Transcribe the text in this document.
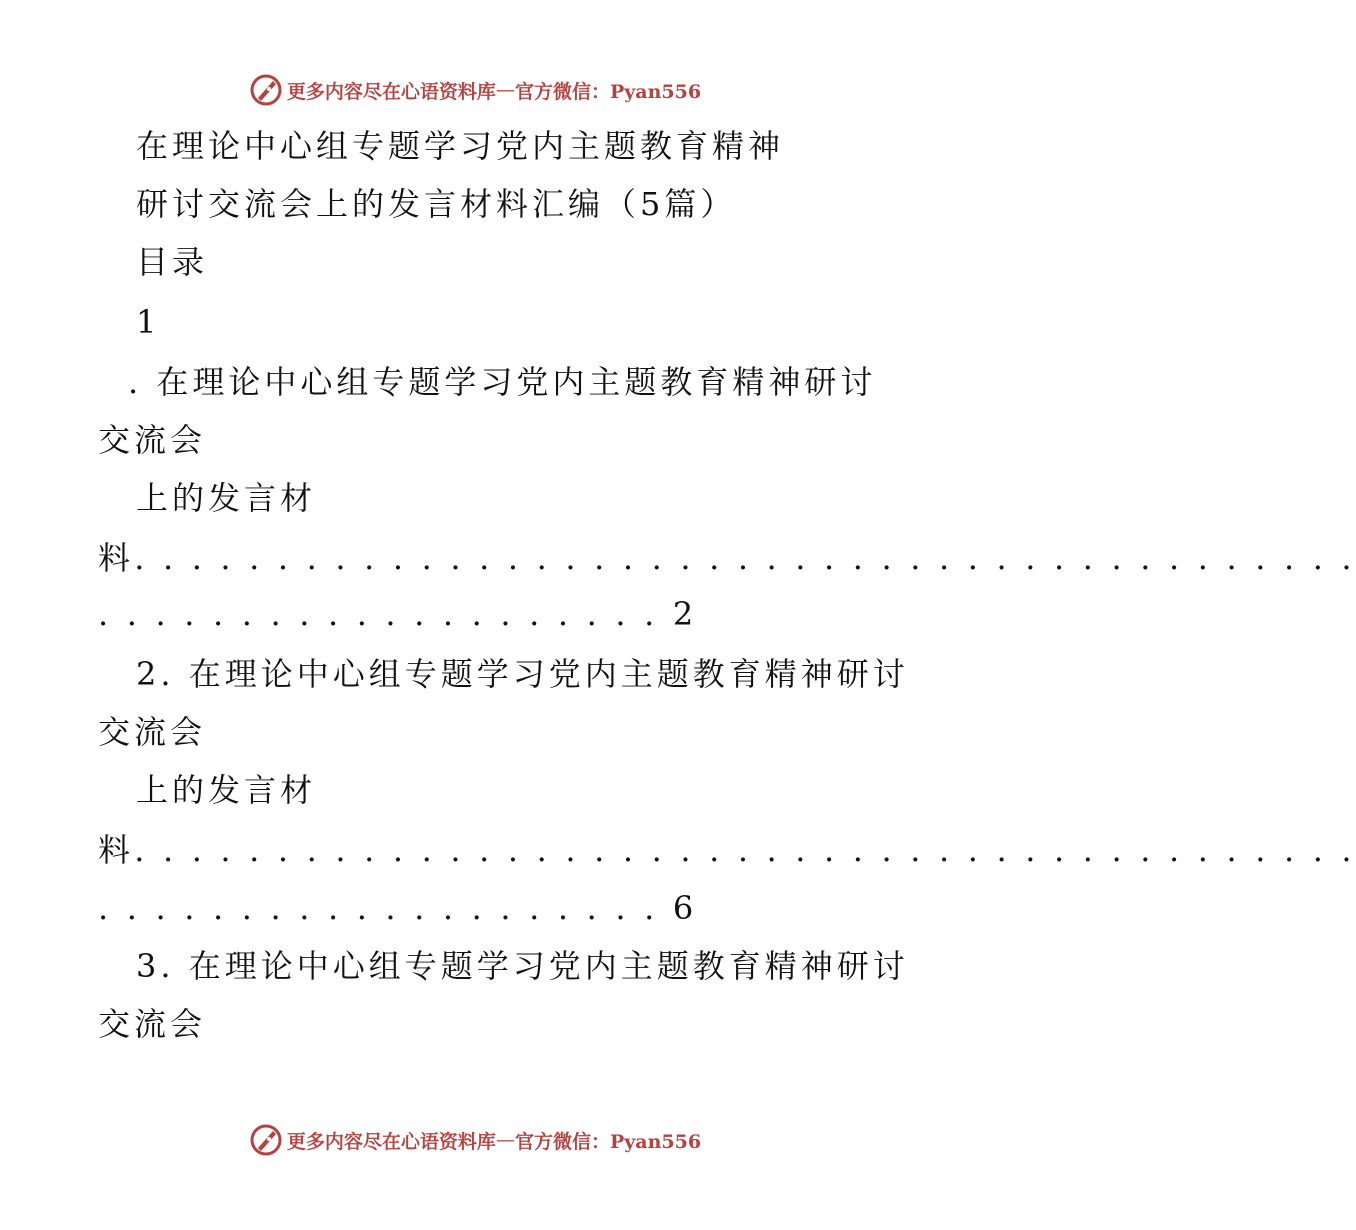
更多内容尽在心语资料库 — 官方微信：Pyan556
在理论中心组专题学习党内主题教育精神
研讨交流会上的发言材料汇编（5篇）
目录
1
. 在理论中心组专题学习党内主题教育精神研讨
交流会
上的发言材
料. . . . . . . . . . . . . . . . . . . . . . . . . . . . . . . . . . . . . . . . . . .
. . . . . . . . . . . . . . . . . . . . 2
2. 在理论中心组专题学习党内主题教育精神研讨
交流会
上的发言材
料. . . . . . . . . . . . . . . . . . . . . . . . . . . . . . . . . . . . . . . . . . .
. . . . . . . . . . . . . . . . . . . . 6
3. 在理论中心组专题学习党内主题教育精神研讨
交流会
更多内容尽在心语资料库 — 官方微信：Pyan556
